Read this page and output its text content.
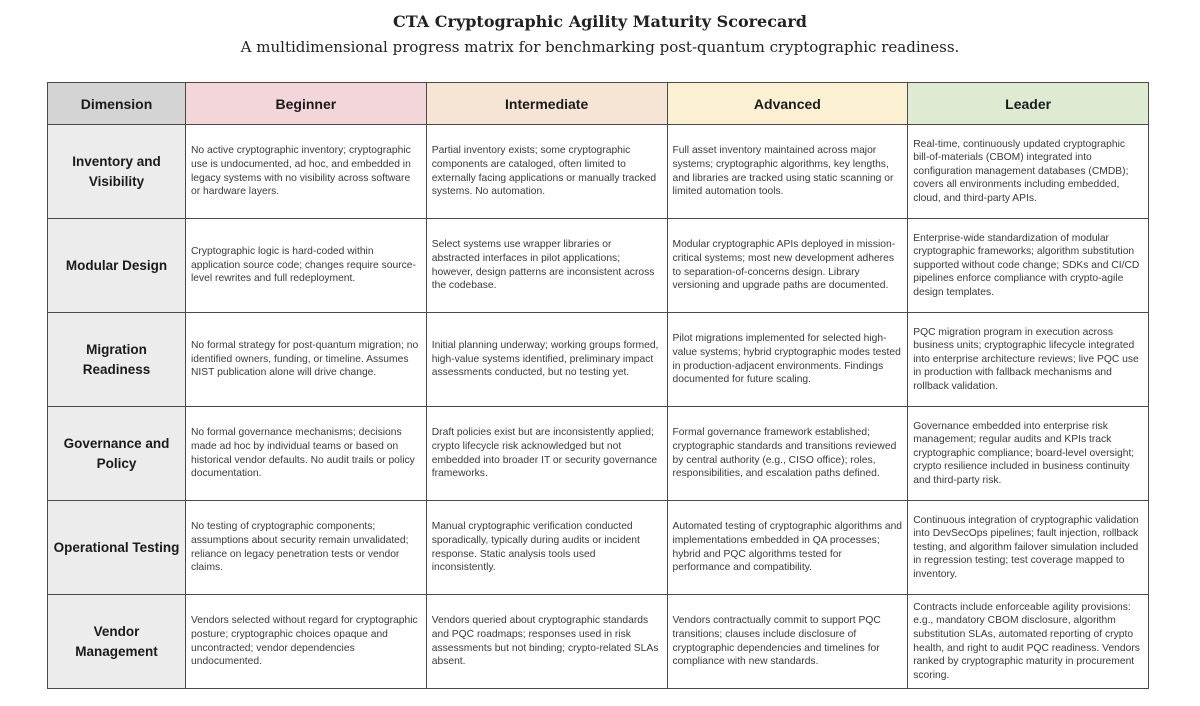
CTA Cryptographic Agility Maturity Scorecard
A multidimensional progress matrix for benchmarking post-quantum cryptographic readiness.
Dimension	Beginner	Intermediate	Advanced	Leader
Inventory and Visibility	No active cryptographic inventory; cryptographic use is undocumented, ad hoc, and embedded in legacy systems with no visibility across software or hardware layers.	Partial inventory exists; some cryptographic components are cataloged, often limited to externally facing applications or manually tracked systems. No automation.	Full asset inventory maintained across major systems; cryptographic algorithms, key lengths, and libraries are tracked using static scanning or limited automation tools.	Real-time, continuously updated cryptographic bill-of-materials (CBOM) integrated into configuration management databases (CMDB); covers all environments including embedded, cloud, and third-party APIs.
Modular Design	Cryptographic logic is hard-coded within application source code; changes require source-level rewrites and full redeployment.	Select systems use wrapper libraries or abstracted interfaces in pilot applications; however, design patterns are inconsistent across the codebase.	Modular cryptographic APIs deployed in mission-critical systems; most new development adheres to separation-of-concerns design. Library versioning and upgrade paths are documented.	Enterprise-wide standardization of modular cryptographic frameworks; algorithm substitution supported without code change; SDKs and CI/CD pipelines enforce compliance with crypto-agile design templates.
Migration Readiness	No formal strategy for post-quantum migration; no identified owners, funding, or timeline. Assumes NIST publication alone will drive change.	Initial planning underway; working groups formed, high-value systems identified, preliminary impact assessments conducted, but no testing yet.	Pilot migrations implemented for selected high-value systems; hybrid cryptographic modes tested in production-adjacent environments. Findings documented for future scaling.	PQC migration program in execution across business units; cryptographic lifecycle integrated into enterprise architecture reviews; live PQC use in production with fallback mechanisms and rollback validation.
Governance and Policy	No formal governance mechanisms; decisions made ad hoc by individual teams or based on historical vendor defaults. No audit trails or policy documentation.	Draft policies exist but are inconsistently applied; crypto lifecycle risk acknowledged but not embedded into broader IT or security governance frameworks.	Formal governance framework established; cryptographic standards and transitions reviewed by central authority (e.g., CISO office); roles, responsibilities, and escalation paths defined.	Governance embedded into enterprise risk management; regular audits and KPIs track cryptographic compliance; board-level oversight; crypto resilience included in business continuity and third-party risk.
Operational Testing	No testing of cryptographic components; assumptions about security remain unvalidated; reliance on legacy penetration tests or vendor claims.	Manual cryptographic verification conducted sporadically, typically during audits or incident response. Static analysis tools used inconsistently.	Automated testing of cryptographic algorithms and implementations embedded in QA processes; hybrid and PQC algorithms tested for performance and compatibility.	Continuous integration of cryptographic validation into DevSecOps pipelines; fault injection, rollback testing, and algorithm failover simulation included in regression testing; test coverage mapped to inventory.
Vendor Management	Vendors selected without regard for cryptographic posture; cryptographic choices opaque and uncontracted; vendor dependencies undocumented.	Vendors queried about cryptographic standards and PQC roadmaps; responses used in risk assessments but not binding; crypto-related SLAs absent.	Vendors contractually commit to support PQC transitions; clauses include disclosure of cryptographic dependencies and timelines for compliance with new standards.	Contracts include enforceable agility provisions: e.g., mandatory CBOM disclosure, algorithm substitution SLAs, automated reporting of crypto health, and right to audit PQC readiness. Vendors ranked by cryptographic maturity in procurement scoring.
